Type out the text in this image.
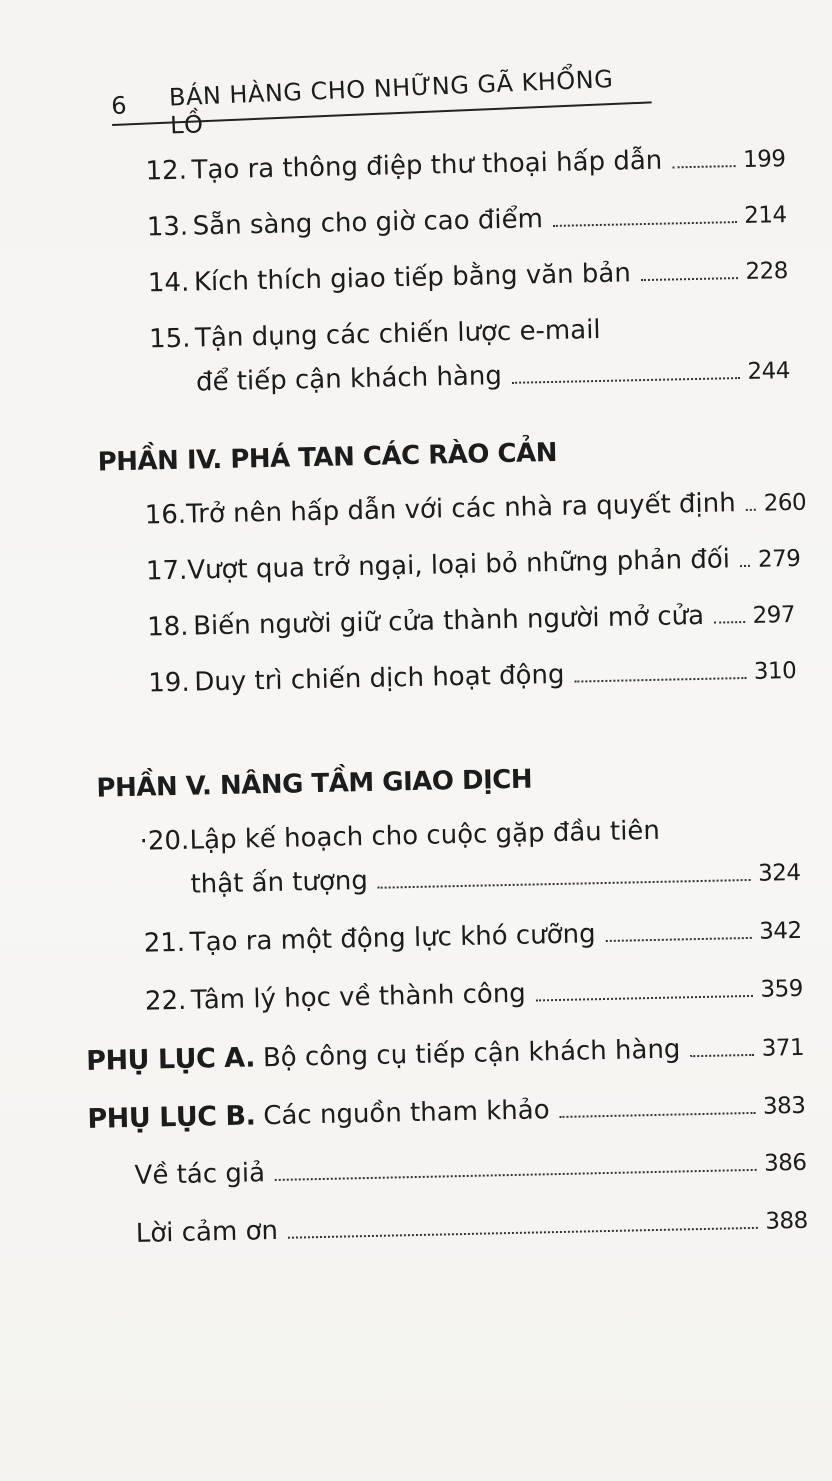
6 BÁN HÀNG CHO NHỮNG GÃ KHỔNG LỒ
12. Tạo ra thông điệp thư thoại hấp dẫn	199
13. Sẵn sàng cho giờ cao điểm	214
14. Kích thích giao tiếp bằng văn bản	228
15. Tận dụng các chiến lược e-mail
để tiếp cận khách hàng	244
PHẦN IV. PHÁ TAN CÁC RÀO CẢN
16. Trở nên hấp dẫn với các nhà ra quyết định 260
17. Vượt qua trở ngại, loại bỏ những phản đối 279
18. Biến người giữ cửa thành người mở cửa 297
19. Duy trì chiến dịch hoạt động	310
PHẦN V. NÂNG TẦM GIAO DỊCH
·20.Lập kế hoạch cho cuộc gặp đầu tiên
thật ấn tượng	324
21. Tạo ra một động lực khó cưỡng	342
22. Tâm lý học về thành công	359
PHỤ LỤC A. Bộ công cụ tiếp cận khách hàng	371
PHỤ LỤC B. Các nguồn tham khảo	383
Về tác giả	386
Lời cảm ơn	388
